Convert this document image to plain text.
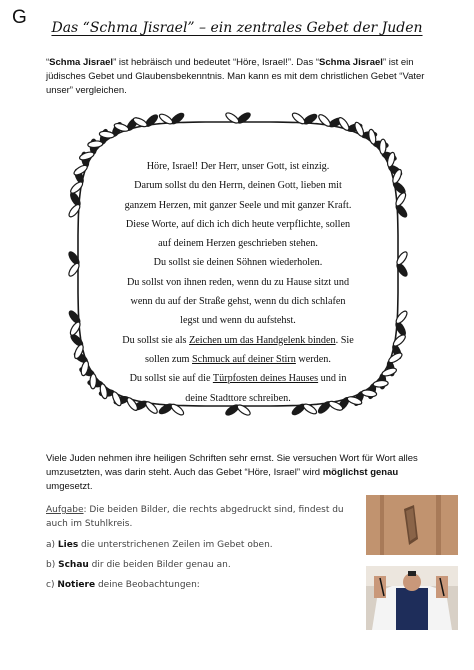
G	Das “Schma Jisrael” – ein zentrales Gebet der Juden
“Schma Jisrael” ist hebräisch und bedeutet “Höre, Israel!”. Das “Schma Jisrael” ist ein jüdisches Gebet und Glaubensbekenntnis. Man kann es mit dem christlichen Gebet “Vater unser” vergleichen.
Höre, Israel! Der Herr, unser Gott, ist einzig.
Darum sollst du den Herrn, deinen Gott, lieben mit
ganzem Herzen, mit ganzer Seele und mit ganzer Kraft.
Diese Worte, auf dich ich dich heute verpflichte, sollen
auf deinem Herzen geschrieben stehen.
Du sollst sie deinen Söhnen wiederholen.
Du sollst von ihnen reden, wenn du zu Hause sitzt und
wenn du auf der Straße gehst, wenn du dich schlafen
legst und wenn du aufstehst.
Du sollst sie als Zeichen um das Handgelenk binden. Sie
sollen zum Schmuck auf deiner Stirn werden.
Du sollst sie auf die Türpfosten deines Hauses und in
deine Stadttore schreiben.
Viele Juden nehmen ihre heiligen Schriften sehr ernst. Sie versuchen Wort für Wort alles umzusetzten, was darin steht. Auch das Gebet “Höre, Israel” wird möglichst genau umgesetzt.
Aufgabe: Die beiden Bilder, die rechts abgedruckt sind, findest du auch im Stuhlkreis.
a) Lies die unterstrichenen Zeilen im Gebet oben.
b) Schau dir die beiden Bilder genau an.
c) Notiere deine Beobachtungen:
